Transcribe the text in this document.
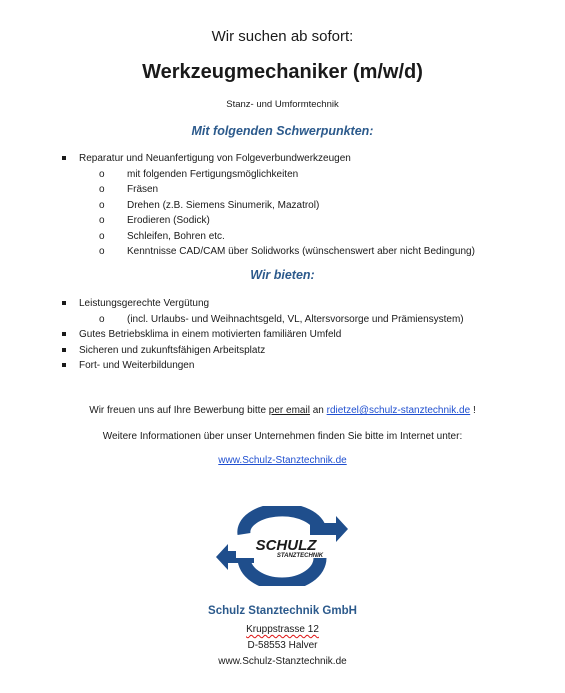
Wir suchen ab sofort:
Werkzeugmechaniker (m/w/d)
Stanz- und Umformtechnik
Mit folgenden Schwerpunkten:
Reparatur und Neuanfertigung von Folgeverbundwerkzeugen
o mit folgenden Fertigungsmöglichkeiten
o Fräsen
o Drehen (z.B. Siemens Sinumerik, Mazatrol)
o Erodieren (Sodick)
o Schleifen, Bohren etc.
o Kenntnisse CAD/CAM über Solidworks (wünschenswert aber nicht Bedingung)
Wir bieten:
Leistungsgerechte Vergütung
o (incl. Urlaubs- und Weihnachtsgeld, VL, Altersvorsorge und Prämiensystem)
Gutes Betriebsklima in einem motivierten familiären Umfeld
Sicheren und zukunftsfähigen Arbeitsplatz
Fort- und Weiterbildungen
Wir freuen uns auf Ihre Bewerbung bitte per email an rdietzel@schulz-stanztechnik.de !
Weitere Informationen über unser Unternehmen finden Sie bitte im Internet unter:
www.Schulz-Stanztechnik.de
SCHULZ
STANZTECHNIK
Schulz Stanztechnik GmbH
Kruppstrasse 12
D-58553 Halver
www.Schulz-Stanztechnik.de
